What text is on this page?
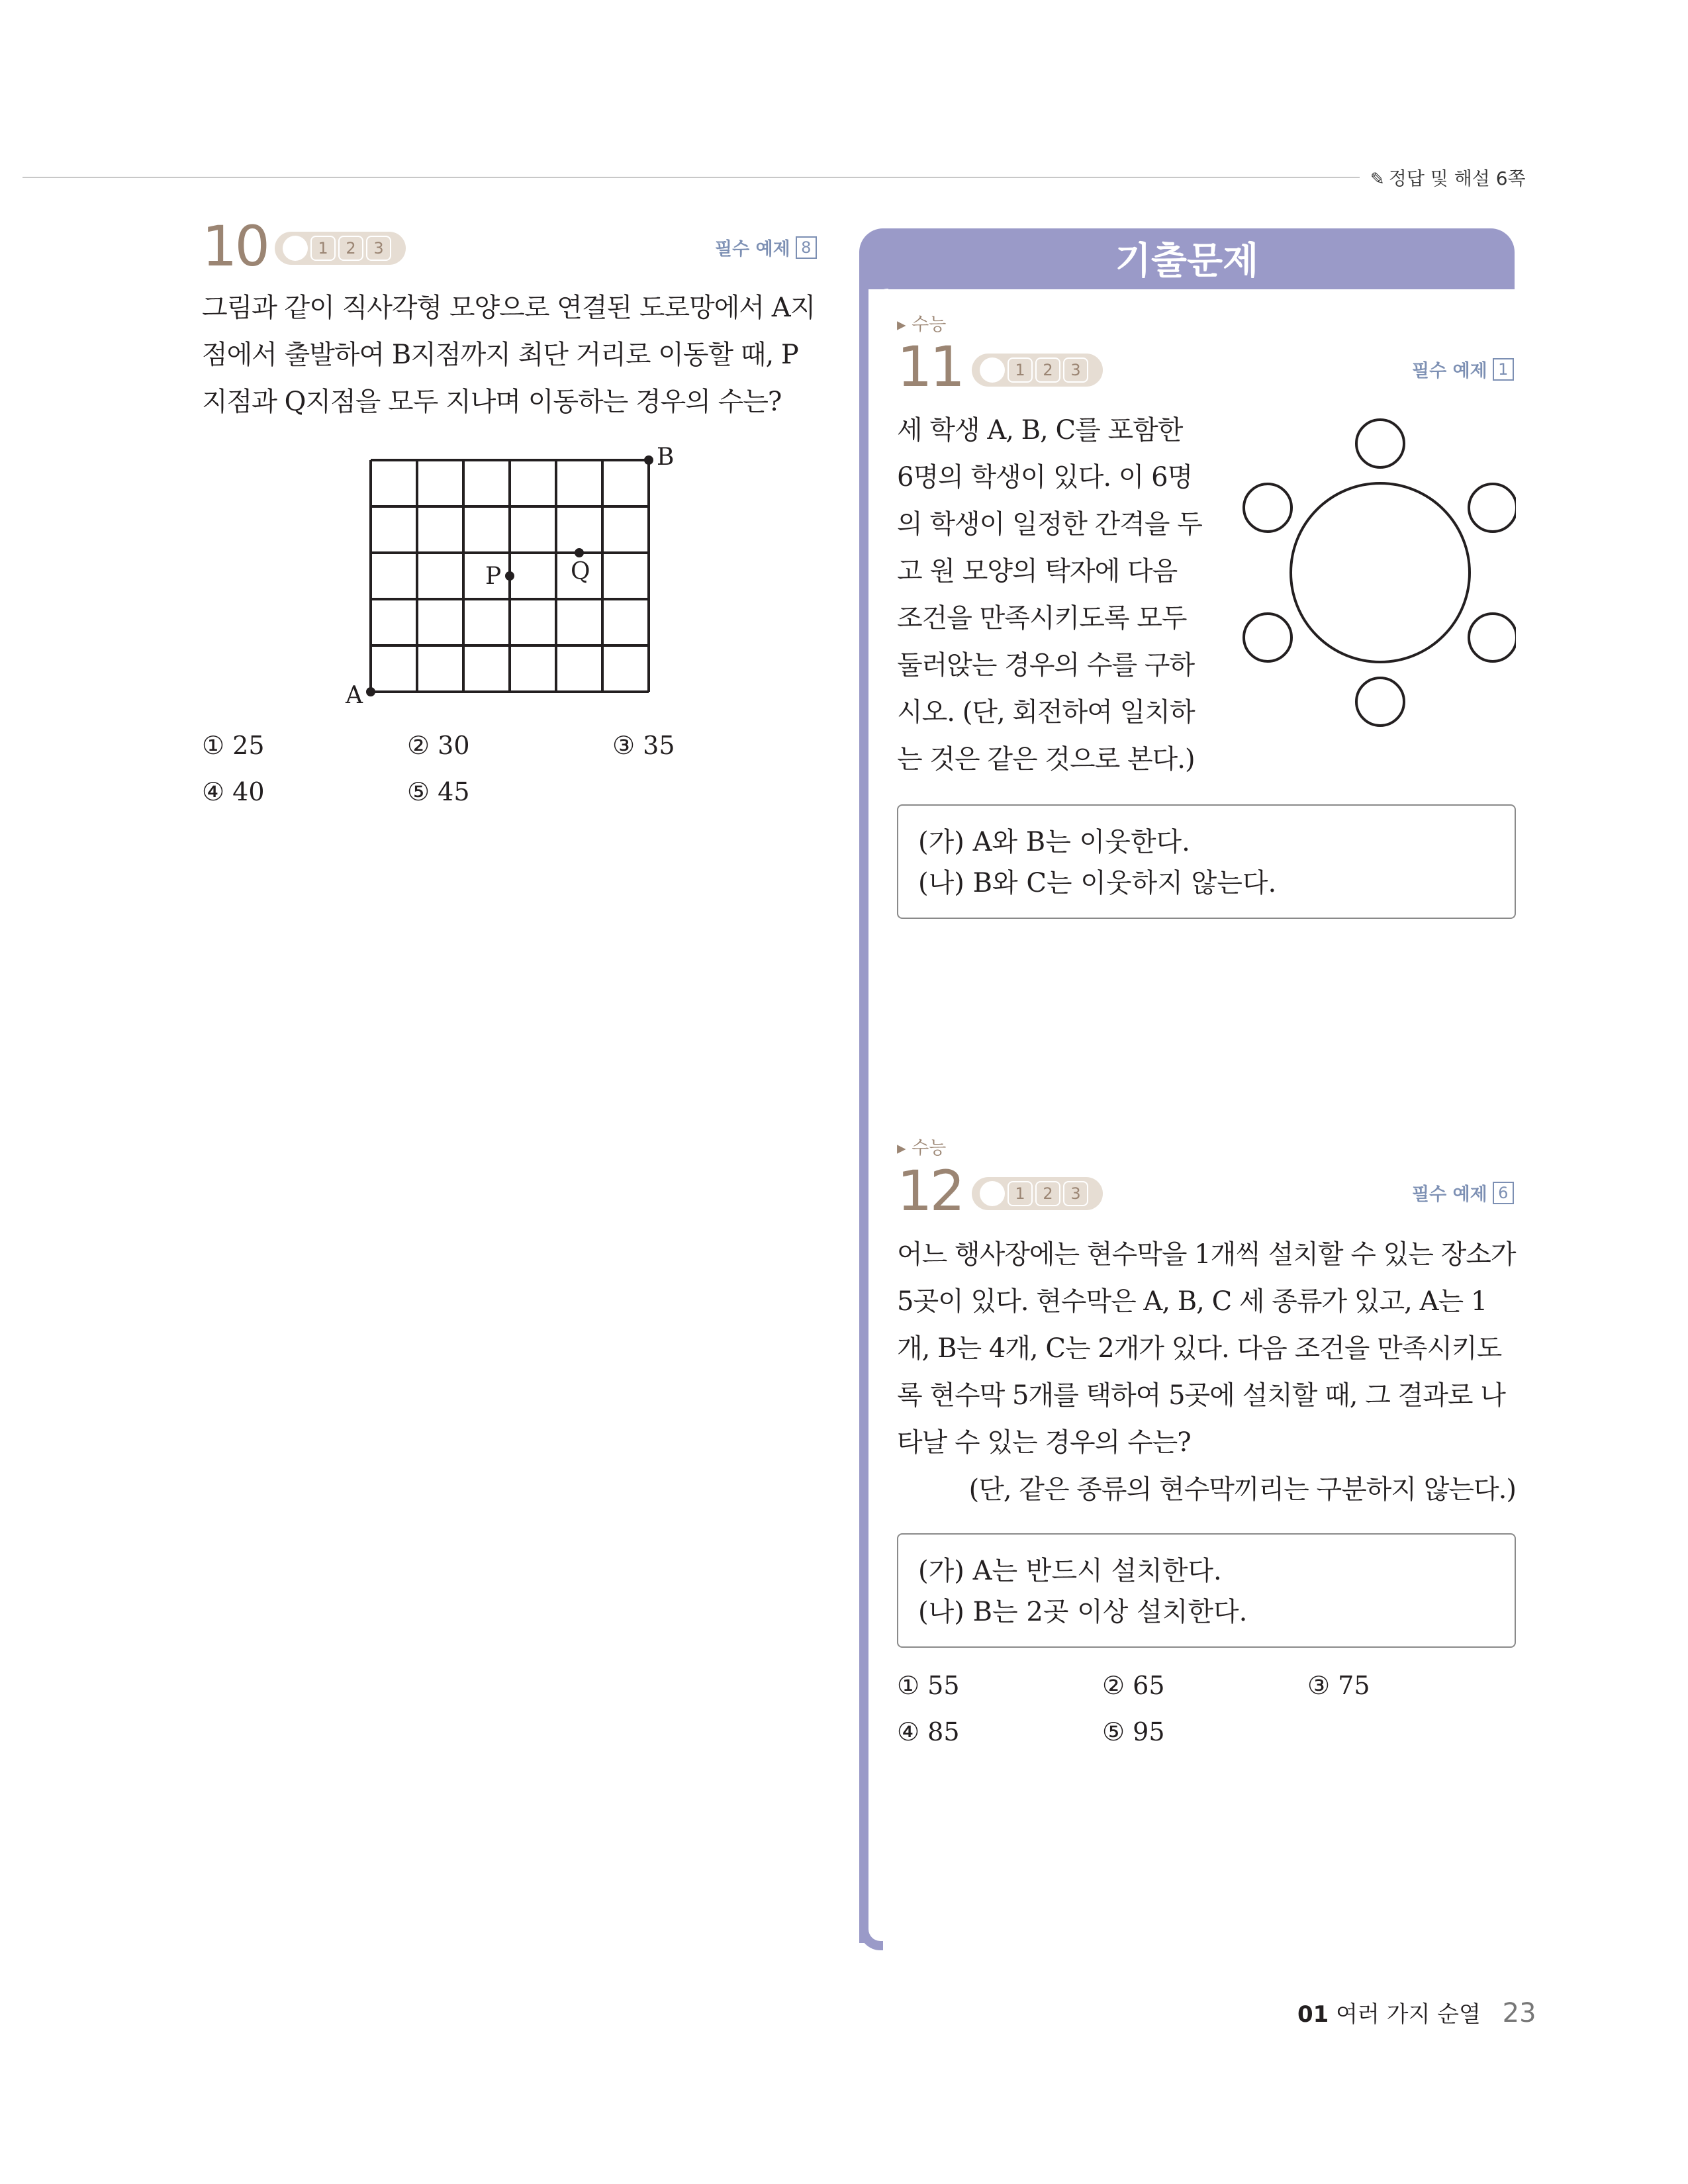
✎ 정답 및 해설 6쪽
10	1	2	3	필수 예제 8
그림과 같이 직사각형 모양으로 연결된 도로망에서 A지
점에서 출발하여 B지점까지 최단 거리로 이동할 때, P
지점과 Q지점을 모두 지나며 이동하는 경우의 수는?
A
B
P	Q
① 25	② 30	③ 35
④ 40	⑤ 45
기출문제
▸ 수능
11	1	2	3	필수 예제 1
세 학생 A, B, C를 포함한
6명의 학생이 있다. 이 6명
의 학생이 일정한 간격을 두
고 원 모양의 탁자에 다음
조건을 만족시키도록 모두
둘러앉는 경우의 수를 구하
시오. (단, 회전하여 일치하
는 것은 같은 것으로 본다.)
(가) A와 B는 이웃한다.
(나) B와 C는 이웃하지 않는다.
▸ 수능
12	1	2	3	필수 예제 6
어느 행사장에는 현수막을 1개씩 설치할 수 있는 장소가
5곳이 있다. 현수막은 A, B, C 세 종류가 있고, A는 1
개, B는 4개, C는 2개가 있다. 다음 조건을 만족시키도
록 현수막 5개를 택하여 5곳에 설치할 때, 그 결과로 나
타날 수 있는 경우의 수는?
(단, 같은 종류의 현수막끼리는 구분하지 않는다.)
(가) A는 반드시 설치한다.
(나) B는 2곳 이상 설치한다.
① 55	② 65	③ 75
④ 85	⑤ 95
01 여러 가지 순열 23
